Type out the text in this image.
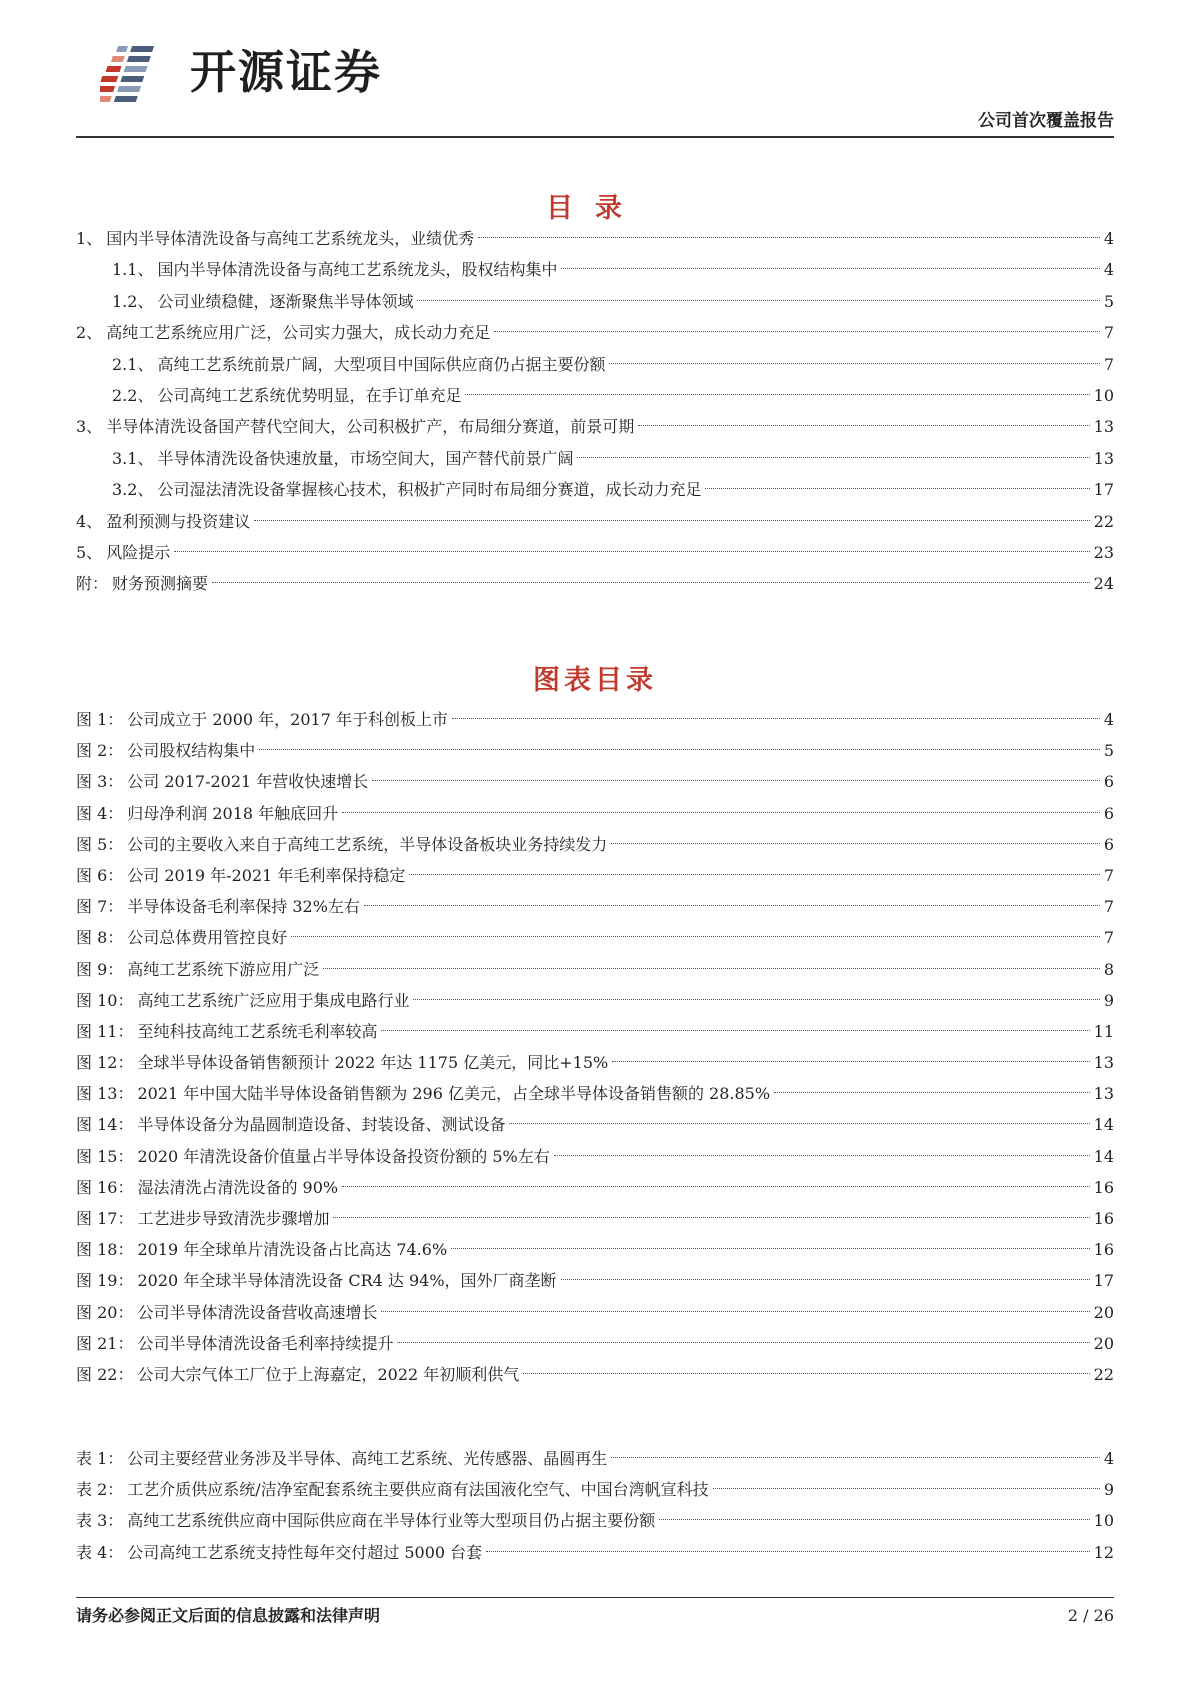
开源证券
公司首次覆盖报告
目录
1、 国内半导体清洗设备与高纯工艺系统龙头，业绩优秀	4
1.1、 国内半导体清洗设备与高纯工艺系统龙头，股权结构集中	4
1.2、 公司业绩稳健，逐渐聚焦半导体领域	5
2、 高纯工艺系统应用广泛，公司实力强大，成长动力充足	7
2.1、 高纯工艺系统前景广阔，大型项目中国际供应商仍占据主要份额	7
2.2、 公司高纯工艺系统优势明显，在手订单充足	10
3、 半导体清洗设备国产替代空间大，公司积极扩产，布局细分赛道，前景可期	13
3.1、 半导体清洗设备快速放量，市场空间大，国产替代前景广阔	13
3.2、 公司湿法清洗设备掌握核心技术，积极扩产同时布局细分赛道，成长动力充足	17
4、 盈利预测与投资建议	22
5、 风险提示	23
附： 财务预测摘要	24
图表目录
图 1： 公司成立于 2000 年，2017 年于科创板上市	4
图 2： 公司股权结构集中	5
图 3： 公司 2017-2021 年营收快速增长	6
图 4： 归母净利润 2018 年触底回升	6
图 5： 公司的主要收入来自于高纯工艺系统，半导体设备板块业务持续发力	6
图 6： 公司 2019 年-2021 年毛利率保持稳定	7
图 7： 半导体设备毛利率保持 32%左右	7
图 8： 公司总体费用管控良好	7
图 9： 高纯工艺系统下游应用广泛	8
图 10： 高纯工艺系统广泛应用于集成电路行业	9
图 11： 至纯科技高纯工艺系统毛利率较高	11
图 12： 全球半导体设备销售额预计 2022 年达 1175 亿美元，同比+15%	13
图 13： 2021 年中国大陆半导体设备销售额为 296 亿美元，占全球半导体设备销售额的 28.85%	13
图 14： 半导体设备分为晶圆制造设备、封装设备、测试设备	14
图 15： 2020 年清洗设备价值量占半导体设备投资份额的 5%左右	14
图 16： 湿法清洗占清洗设备的 90%	16
图 17： 工艺进步导致清洗步骤增加	16
图 18： 2019 年全球单片清洗设备占比高达 74.6%	16
图 19： 2020 年全球半导体清洗设备 CR4 达 94%，国外厂商垄断	17
图 20： 公司半导体清洗设备营收高速增长	20
图 21： 公司半导体清洗设备毛利率持续提升	20
图 22： 公司大宗气体工厂位于上海嘉定，2022 年初顺利供气	22
表 1： 公司主要经营业务涉及半导体、高纯工艺系统、光传感器、晶圆再生	4
表 2： 工艺介质供应系统/洁净室配套系统主要供应商有法国液化空气、中国台湾帆宣科技	9
表 3： 高纯工艺系统供应商中国际供应商在半导体行业等大型项目仍占据主要份额	10
表 4： 公司高纯工艺系统支持性每年交付超过 5000 台套	12
请务必参阅正文后面的信息披露和法律声明	2 / 26
